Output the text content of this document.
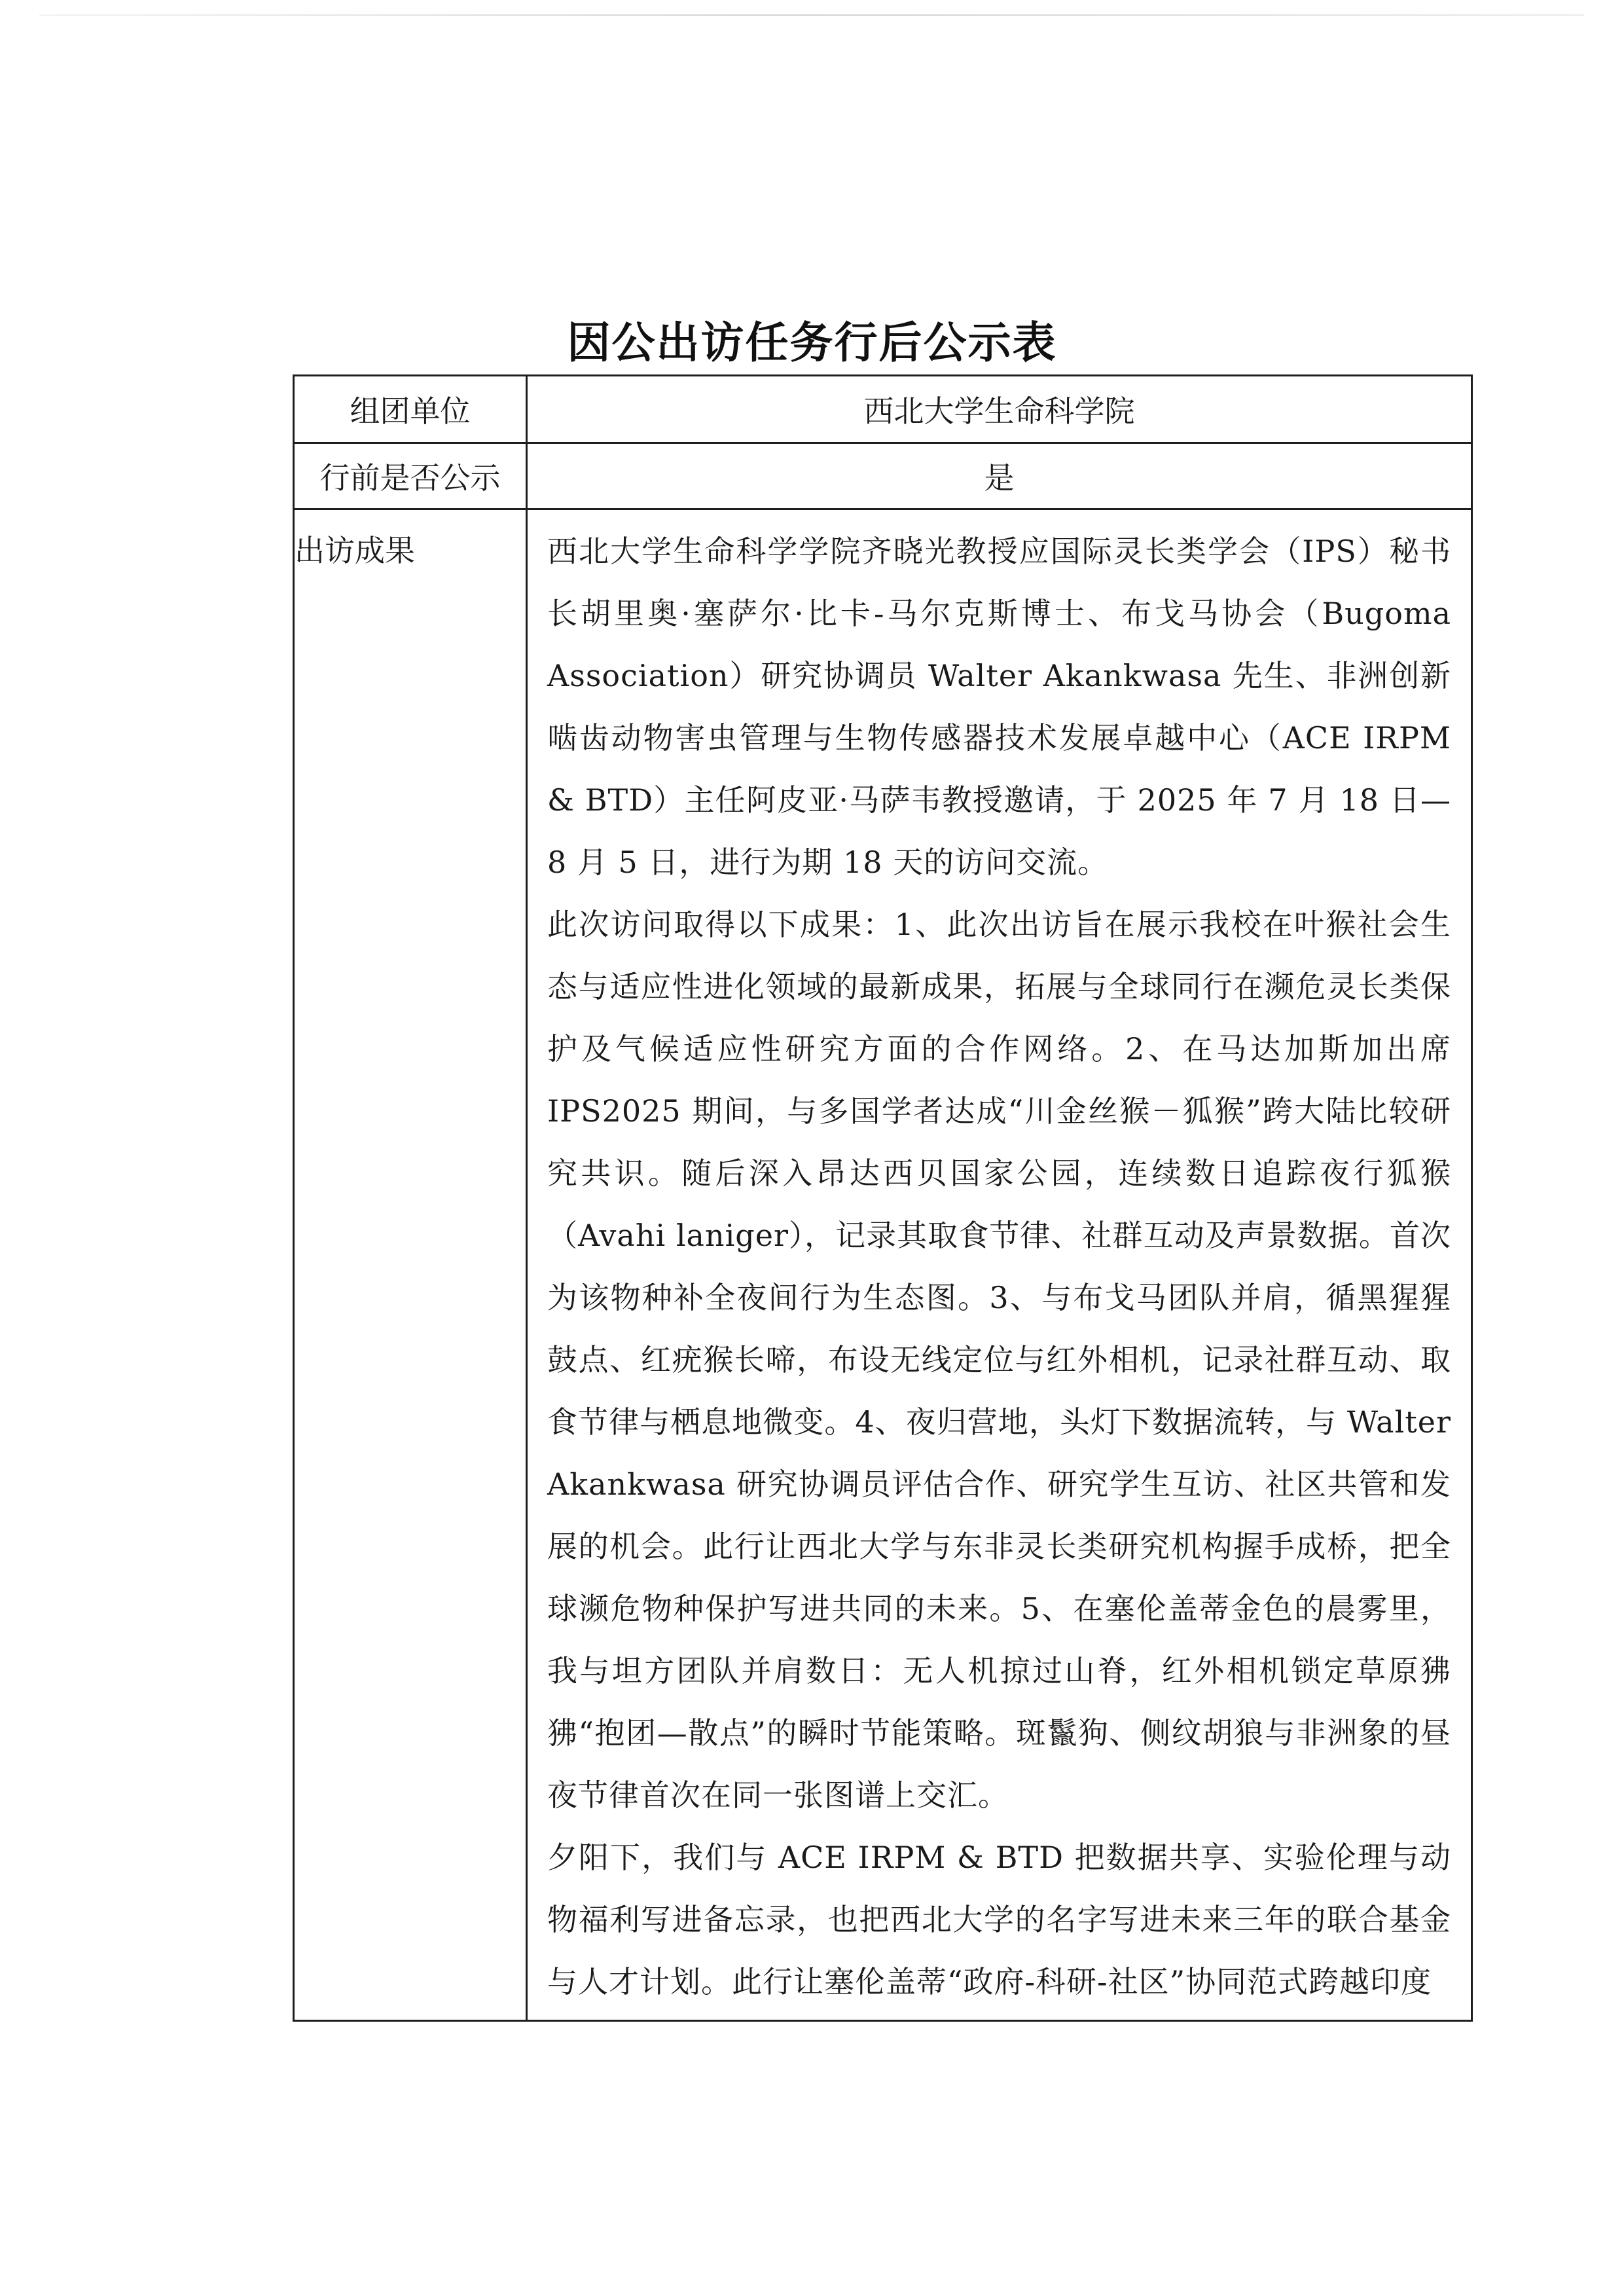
因公出访任务行后公示表
组团单位	西北大学生命科学院
行前是否公示	是
出访成果	西北大学生命科学学院齐晓光教授应国际灵长类学会（IPS）秘书长胡里奥·塞萨尔·比卡-马尔克斯博士、布戈马协会（Bugoma Association）研究协调员 Walter Akankwasa 先生、非洲创新啮齿动物害虫管理与生物传感器技术发展卓越中心（ACE IRPM & BTD）主任阿皮亚·马萨韦教授邀请，于 2025 年 7 月 18 日—8 月 5 日，进行为期 18 天的访问交流。

此次访问取得以下成果：1、此次出访旨在展示我校在叶猴社会生态与适应性进化领域的最新成果，拓展与全球同行在濒危灵长类保护及气候适应性研究方面的合作网络。2、在马达加斯加出席 IPS2025 期间，与多国学者达成“川金丝猴－狐猴”跨大陆比较研究共识。随后深入昂达西贝国家公园，连续数日追踪夜行狐猴（Avahi laniger），记录其取食节律、社群互动及声景数据。首次为该物种补全夜间行为生态图。3、与布戈马团队并肩，循黑猩猩鼓点、红疣猴长啼，布设无线定位与红外相机，记录社群互动、取食节律与栖息地微变。4、夜归营地，头灯下数据流转，与 Walter Akankwasa 研究协调员评估合作、研究学生互访、社区共管和发展的机会。此行让西北大学与东非灵长类研究机构握手成桥，把全球濒危物种保护写进共同的未来。5、在塞伦盖蒂金色的晨雾里，我与坦方团队并肩数日：无人机掠过山脊，红外相机锁定草原狒狒“抱团—散点”的瞬时节能策略。斑鬣狗、侧纹胡狼与非洲象的昼夜节律首次在同一张图谱上交汇。

夕阳下，我们与 ACE IRPM & BTD 把数据共享、实验伦理与动物福利写进备忘录，也把西北大学的名字写进未来三年的联合基金与人才计划。此行让塞伦盖蒂“政府-科研-社区”协同范式跨越印度
